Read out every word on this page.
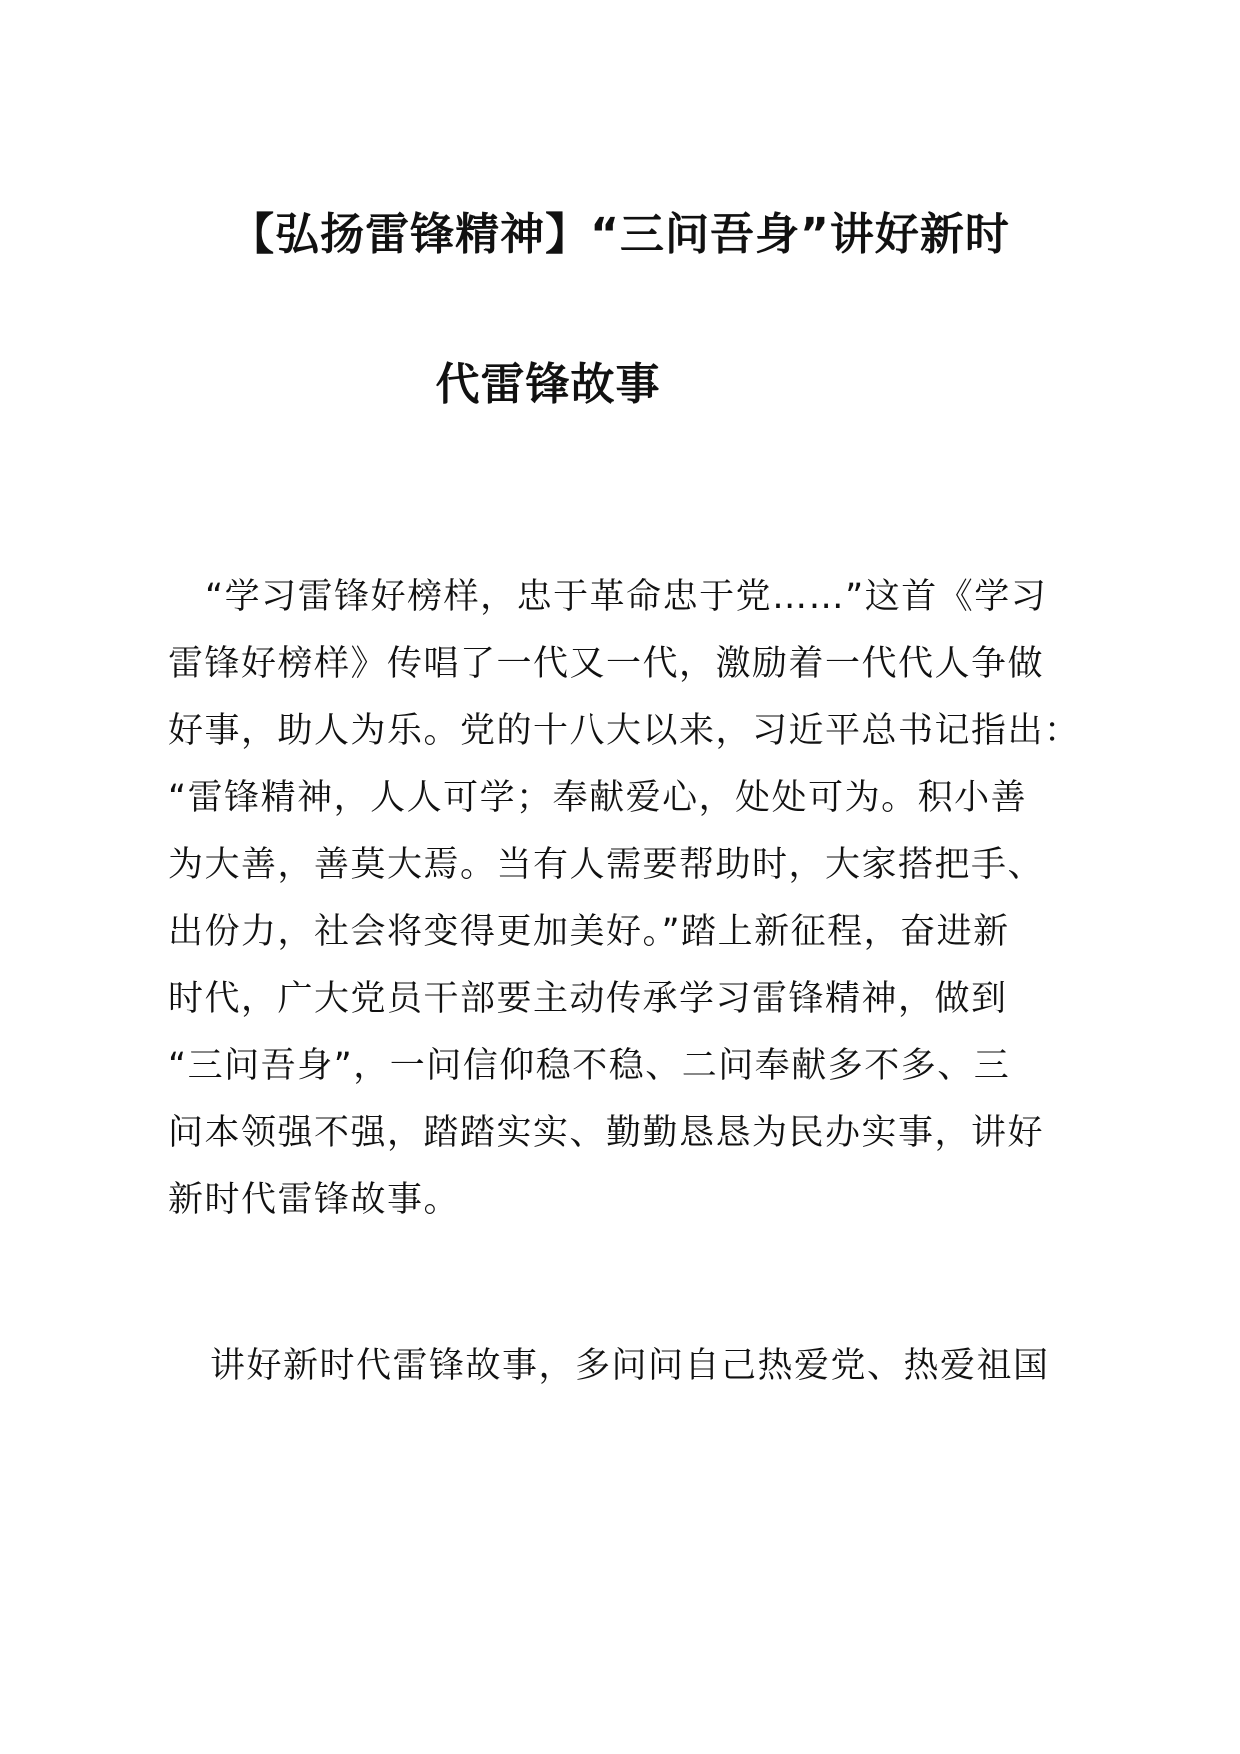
【弘扬雷锋精神】“三问吾身”讲好新时
代雷锋故事
“学习雷锋好榜样，忠于革命忠于党……”这首《学习
雷锋好榜样》传唱了一代又一代，激励着一代代人争做
好事，助人为乐。党的十八大以来，习近平总书记指出：
“雷锋精神，人人可学；奉献爱心，处处可为。积小善
为大善，善莫大焉。当有人需要帮助时，大家搭把手、
出份力，社会将变得更加美好。”踏上新征程，奋进新
时代，广大党员干部要主动传承学习雷锋精神，做到
“三问吾身”，一问信仰稳不稳、二问奉献多不多、三
问本领强不强，踏踏实实、勤勤恳恳为民办实事，讲好
新时代雷锋故事。
讲好新时代雷锋故事，多问问自己热爱党、热爱祖国
